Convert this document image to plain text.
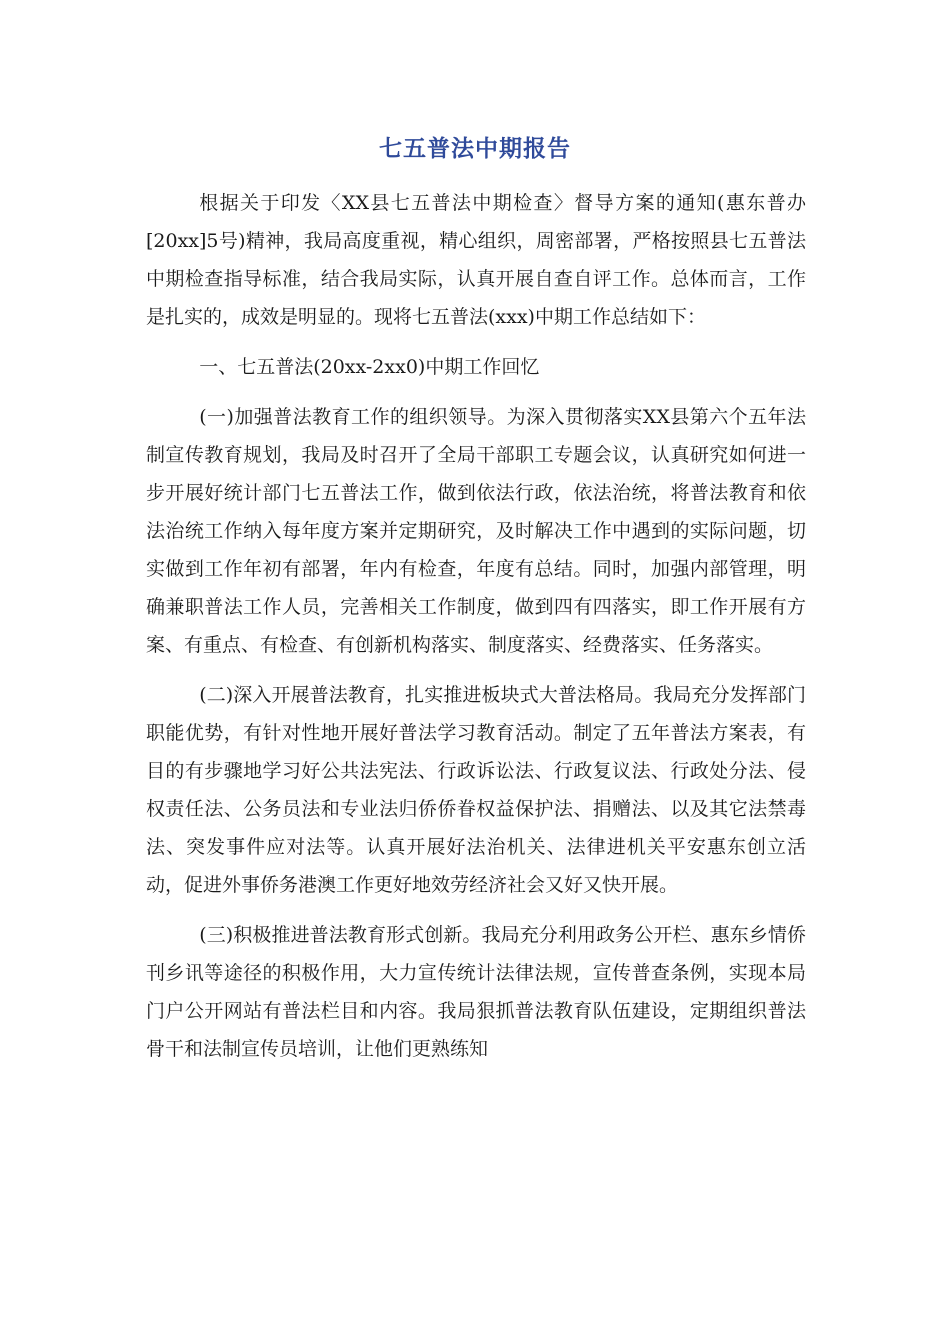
七五普法中期报告

根据关于印发〈XX县七五普法中期检查〉督导方案的通知(惠东普办[20xx]5号)精神，我局高度重视，精心组织，周密部署，严格按照县七五普法中期检查指导标准，结合我局实际，认真开展自查自评工作。总体而言，工作是扎实的，成效是明显的。现将七五普法(xxx)中期工作总结如下：

一、七五普法(20xx-2xx0)中期工作回忆

(一)加强普法教育工作的组织领导。为深入贯彻落实XX县第六个五年法制宣传教育规划，我局及时召开了全局干部职工专题会议，认真研究如何进一步开展好统计部门七五普法工作，做到依法行政，依法治统，将普法教育和依法治统工作纳入每年度方案并定期研究，及时解决工作中遇到的实际问题，切实做到工作年初有部署，年内有检查，年度有总结。同时，加强内部管理，明确兼职普法工作人员，完善相关工作制度，做到四有四落实，即工作开展有方案、有重点、有检查、有创新机构落实、制度落实、经费落实、任务落实。

(二)深入开展普法教育，扎实推进板块式大普法格局。我局充分发挥部门职能优势，有针对性地开展好普法学习教育活动。制定了五年普法方案表，有目的有步骤地学习好公共法宪法、行政诉讼法、行政复议法、行政处分法、侵权责任法、公务员法和专业法归侨侨眷权益保护法、捐赠法、以及其它法禁毒法、突发事件应对法等。认真开展好法治机关、法律进机关平安惠东创立活动，促进外事侨务港澳工作更好地效劳经济社会又好又快开展。

(三)积极推进普法教育形式创新。我局充分利用政务公开栏、惠东乡情侨刊乡讯等途径的积极作用，大力宣传统计法律法规，宣传普查条例，实现本局门户公开网站有普法栏目和内容。我局狠抓普法教育队伍建设，定期组织普法骨干和法制宣传员培训，让他们更熟练知
